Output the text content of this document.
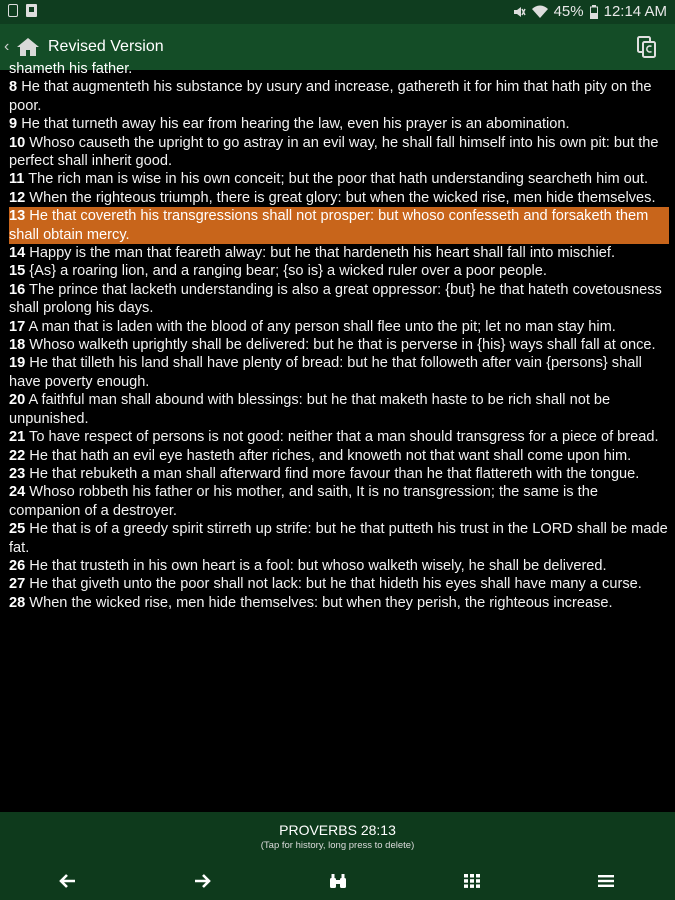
45% 12:14 AM
‹ Revised Version
shameth his father.

8 He that augmenteth his substance by usury and increase, gathereth it for him that hath pity on the poor.

9 He that turneth away his ear from hearing the law, even his prayer is an abomination.

10 Whoso causeth the upright to go astray in an evil way, he shall fall himself into his own pit: but the perfect shall inherit good.

11 The rich man is wise in his own conceit; but the poor that hath understanding searcheth him out.

12 When the righteous triumph, there is great glory: but when the wicked rise, men hide themselves.

13 He that covereth his transgressions shall not prosper: but whoso confesseth and forsaketh them shall obtain mercy.

14 Happy is the man that feareth alway: but he that hardeneth his heart shall fall into mischief.

15 {As} a roaring lion, and a ranging bear; {so is} a wicked ruler over a poor people.

16 The prince that lacketh understanding is also a great oppressor: {but} he that hateth covetousness shall prolong his days.

17 A man that is laden with the blood of any person shall flee unto the pit; let no man stay him.

18 Whoso walketh uprightly shall be delivered: but he that is perverse in {his} ways shall fall at once.

19 He that tilleth his land shall have plenty of bread: but he that followeth after vain {persons} shall have poverty enough.

20 A faithful man shall abound with blessings: but he that maketh haste to be rich shall not be unpunished.

21 To have respect of persons is not good: neither that a man should transgress for a piece of bread.

22 He that hath an evil eye hasteth after riches, and knoweth not that want shall come upon him.

23 He that rebuketh a man shall afterward find more favour than he that flattereth with the tongue.

24 Whoso robbeth his father or his mother, and saith, It is no transgression; the same is the companion of a destroyer.

25 He that is of a greedy spirit stirreth up strife: but he that putteth his trust in the LORD shall be made fat.

26 He that trusteth in his own heart is a fool: but whoso walketh wisely, he shall be delivered.

27 He that giveth unto the poor shall not lack: but he that hideth his eyes shall have many a curse.

28 When the wicked rise, men hide themselves: but when they perish, the righteous increase.

PROVERBS 28:13
(Tap for history, long press to delete)
